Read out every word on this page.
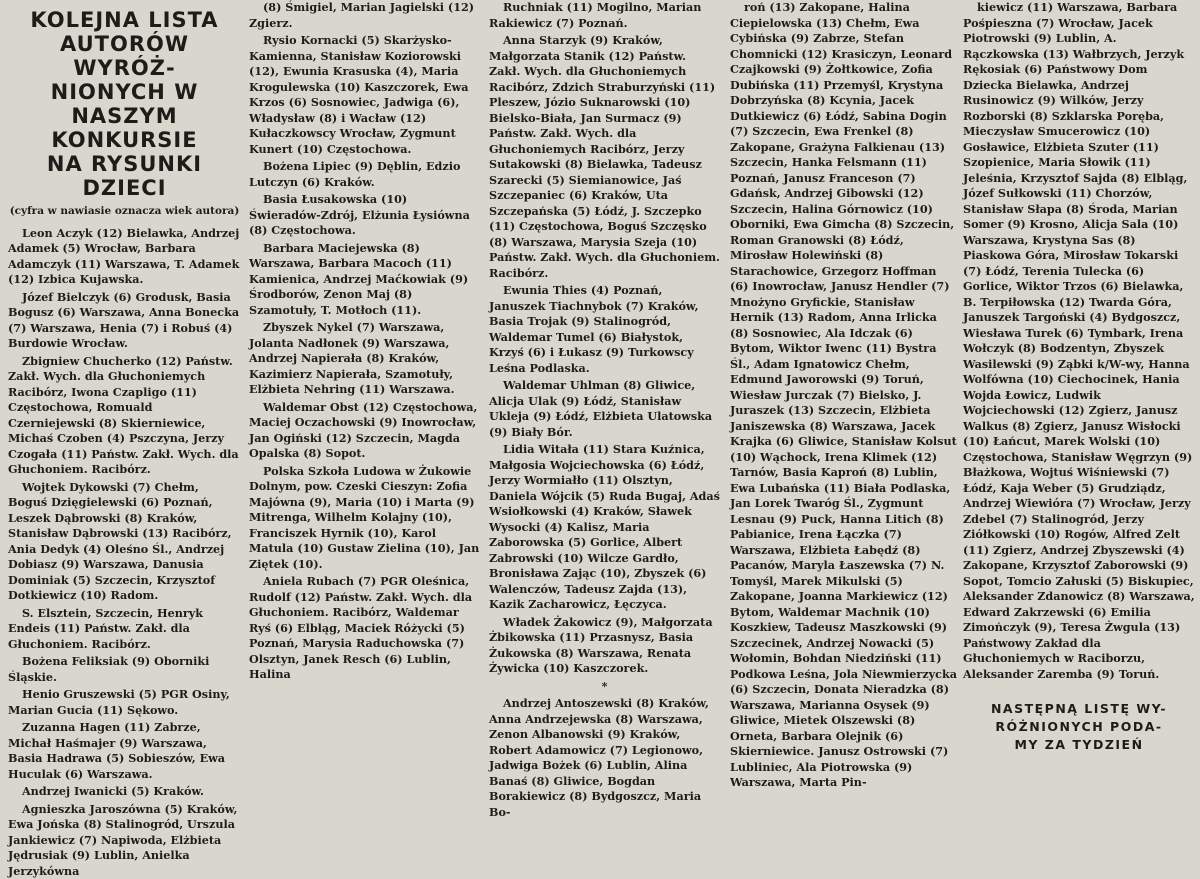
KOLEJNA LISTA AUTORÓW WYRÓŻ-
NIONYCH W NASZYM KONKURSIE
NA RYSUNKI DZIECI
(cyfra w nawiasie oznacza wiek autora)

Leon Aczyk (12) Bielawka, Andrzej Adamek (5) Wrocław, Barbara Adamczyk (11) Warszawa, T. Adamek (12) Izbica Kujawska.

Józef Bielczyk (6) Grodusk, Basia Bogusz (6) Warszawa, Anna Bonecka (7) Warszawa, Henia (7) i Robuś (4) Burdowie Wrocław.

Zbigniew Chucherko (12) Państw. Zakł. Wych. dla Głuchoniemych Racibórz, Iwona Czapligo (11) Częstochowa, Romuald Czerniejewski (8) Skierniewice, Michaś Czoben (4) Pszczyna, Jerzy Czogała (11) Państw. Zakł. Wych. dla Głuchoniem. Racibórz.

Wojtek Dykowski (7) Chełm, Boguś Dzięgielewski (6) Poznań, Leszek Dąbrowski (8) Kraków, Stanisław Dąbrowski (13) Racibórz, Ania Dedyk (4) Oleśno Śl., Andrzej Dobiasz (9) Warszawa, Danusia Dominiak (5) Szczecin, Krzysztof Dotkiewicz (10) Radom.

S. Elsztein, Szczecin, Henryk Endeis (11) Państw. Zakł. dla Głuchoniem. Racibórz.

Bożena Feliksiak (9) Oborniki Śląskie.

Henio Gruszewski (5) PGR Osiny, Marian Gucia (11) Sękowo.

Zuzanna Hagen (11) Zabrze, Michał Haśmajer (9) Warszawa, Basia Hadrawa (5) Sobieszów, Ewa Huculak (6) Warszawa.

Andrzej Iwanicki (5) Kraków.

Agnieszka Jaroszówna (5) Kraków, Ewa Jońska (8) Stalinogród, Urszula Jankiewicz (7) Napiwoda, Elżbieta Jędrusiak (9) Lublin, Anielka Jerzykówna

(8) Śmigiel, Marian Jagielski (12) Zgierz.

Rysio Kornacki (5) Skarżysko-Kamienna, Stanisław Koziorowski (12), Ewunia Krasuska (4), Maria Krogulewska (10) Kaszczorek, Ewa Krzos (6) Sosnowiec, Jadwiga (6), Władysław (8) i Wacław (12) Kułaczkowscy Wrocław, Zygmunt Kunert (10) Częstochowa.

Bożena Lipiec (9) Dęblin, Edzio Lutczyn (6) Kraków.

Basia Łusakowska (10) Świeradów-Zdrój, Elżunia Łysiówna (8) Częstochowa.

Barbara Maciejewska (8) Warszawa, Barbara Macoch (11) Kamienica, Andrzej Maćkowiak (9) Środborów, Zenon Maj (8) Szamotuły, T. Motłoch (11).

Zbyszek Nykel (7) Warszawa, Jolanta Nadłonek (9) Warszawa, Andrzej Napierała (8) Kraków, Kazimierz Napierała, Szamotuły, Elżbieta Nehring (11) Warszawa.

Waldemar Obst (12) Częstochowa, Maciej Oczachowski (9) Inowrocław, Jan Ogiński (12) Szczecin, Magda Opalska (8) Sopot.

Polska Szkoła Ludowa w Żukowie Dolnym, pow. Czeski Cieszyn: Zofia Majówna (9), Maria (10) i Marta (9) Mitrenga, Wilhelm Kolajny (10), Franciszek Hyrnik (10), Karol Matula (10) Gustaw Zielina (10), Jan Ziętek (10).

Aniela Rubach (7) PGR Oleśnica, Rudolf (12) Państw. Zakł. Wych. dla Głuchoniem. Racibórz, Waldemar Ryś (6) Elbląg, Maciek Różycki (5) Poznań, Marysia Raduchowska (7) Olsztyn, Janek Resch (6) Lublin, Halina

Ruchniak (11) Mogilno, Marian Rakiewicz (7) Poznań.

Anna Starzyk (9) Kraków, Małgorzata Stanik (12) Państw. Zakł. Wych. dla Głuchoniemych Racibórz, Zdzich Straburzyński (11) Pleszew, Józio Suknarowski (10) Bielsko-Biała, Jan Surmacz (9) Państw. Zakł. Wych. dla Głuchoniemych Racibórz, Jerzy Sutakowski (8) Bielawka, Tadeusz Szarecki (5) Siemianowice, Jaś Szczepaniec (6) Kraków, Uta Szczepańska (5) Łódź, J. Szczepko (11) Częstochowa, Boguś Szczęsko (8) Warszawa, Marysia Szeja (10) Państw. Zakł. Wych. dla Głuchoniem. Racibórz.

Ewunia Thies (4) Poznań, Januszek Tiachnybok (7) Kraków, Basia Trojak (9) Stalinogród, Waldemar Tumel (6) Białystok, Krzyś (6) i Łukasz (9) Turkowscy Leśna Podlaska.

Waldemar Uhlman (8) Gliwice, Alicja Ulak (9) Łódź, Stanisław Ukleja (9) Łódź, Elżbieta Ulatowska (9) Biały Bór.

Lidia Witała (11) Stara Kuźnica, Małgosia Wojciechowska (6) Łódź, Jerzy Wormiałło (11) Olsztyn, Daniela Wójcik (5) Ruda Bugaj, Adaś Wsiołkowski (4) Kraków, Sławek Wysocki (4) Kalisz, Maria Zaborowska (5) Gorlice, Albert Zabrowski (10) Wilcze Gardło, Bronisława Zając (10), Zbyszek (6) Walenczów, Tadeusz Zajda (13), Kazik Zacharowicz, Łęczyca.

Władek Żakowicz (9), Małgorzata Żbikowska (11) Przasnysz, Basia Żukowska (8) Warszawa, Renata Żywicka (10) Kaszczorek.

*

Andrzej Antoszewski (8) Kraków, Anna Andrzejewska (8) Warszawa, Zenon Albanowski (9) Kraków, Robert Adamowicz (7) Legionowo, Jadwiga Bożek (6) Lublin, Alina Banaś (8) Gliwice, Bogdan Borakiewicz (8) Bydgoszcz, Maria Bo-

roń (13) Zakopane, Halina Ciepielowska (13) Chełm, Ewa Cybińska (9) Zabrze, Stefan Chomnicki (12) Krasiczyn, Leonard Czajkowski (9) Żołtkowice, Zofia Dubińska (11) Przemyśl, Krystyna Dobrzyńska (8) Kcynia, Jacek Dutkiewicz (6) Łódź, Sabina Dogin (7) Szczecin, Ewa Frenkel (8) Zakopane, Grażyna Falkienau (13) Szczecin, Hanka Felsmann (11) Poznań, Janusz Franceson (7) Gdańsk, Andrzej Gibowski (12) Szczecin, Halina Górnowicz (10) Oborniki, Ewa Gimcha (8) Szczecin, Roman Granowski (8) Łódź, Mirosław Holewiński (8) Starachowice, Grzegorz Hoffman (6) Inowrocław, Janusz Hendler (7) Mnożyno Gryfickie, Stanisław Hernik (13) Radom, Anna Irlicka (8) Sosnowiec, Ala Idczak (6) Bytom, Wiktor Iwenc (11) Bystra Śl., Adam Ignatowicz Chełm, Edmund Jaworowski (9) Toruń, Wiesław Jurczak (7) Bielsko, J. Juraszek (13) Szczecin, Elżbieta Janiszewska (8) Warszawa, Jacek Krajka (6) Gliwice, Stanisław Kolsut (10) Wąchock, Irena Klimek (12) Tarnów, Basia Kaproń (8) Lublin, Ewa Lubańska (11) Biała Podlaska, Jan Lorek Twaróg Śl., Zygmunt Lesnau (9) Puck, Hanna Litich (8) Pabianice, Irena Łączka (7) Warszawa, Elżbieta Łabędź (8) Pacanów, Maryla Łaszewska (7) N. Tomyśl, Marek Mikulski (5) Zakopane, Joanna Markiewicz (12) Bytom, Waldemar Machnik (10) Koszkiew, Tadeusz Maszkowski (9) Szczecinek, Andrzej Nowacki (5) Wołomin, Bohdan Niedziński (11) Podkowa Leśna, Jola Niewmierzycka (6) Szczecin, Donata Nieradzka (8) Warszawa, Marianna Osysek (9) Gliwice, Mietek Olszewski (8) Orneta, Barbara Olejnik (6) Skierniewice. Janusz Ostrowski (7) Lubliniec, Ala Piotrowska (9) Warszawa, Marta Pin-

kiewicz (11) Warszawa, Barbara Pośpieszna (7) Wrocław, Jacek Piotrowski (9) Lublin, A. Rączkowska (13) Wałbrzych, Jerzyk Rękosiak (6) Państwowy Dom Dziecka Bielawka, Andrzej Rusinowicz (9) Wilków, Jerzy Rozborski (8) Szklarska Poręba, Mieczysław Smucerowicz (10) Gosławice, Elżbieta Szuter (11) Szopienice, Maria Słowik (11) Jeleśnia, Krzysztof Sajda (8) Elbląg, Józef Sułkowski (11) Chorzów, Stanisław Słapa (8) Środa, Marian Somer (9) Krosno, Alicja Sala (10) Warszawa, Krystyna Sas (8) Piaskowa Góra, Mirosław Tokarski (7) Łódź, Terenia Tulecka (6) Gorlice, Wiktor Trzos (6) Bielawka, B. Terpiłowska (12) Twarda Góra, Januszek Targoński (4) Bydgoszcz, Wiesława Turek (6) Tymbark, Irena Wołczyk (8) Bodzentyn, Zbyszek Wasilewski (9) Ząbki k/W-wy, Hanna Wolfówna (10) Ciechocinek, Hania Wojda Łowicz, Ludwik Wojciechowski (12) Zgierz, Janusz Walkus (8) Zgierz, Janusz Wisłocki (10) Łańcut, Marek Wolski (10) Częstochowa, Stanisław Węgrzyn (9) Błażkowa, Wojtuś Wiśniewski (7) Łódź, Kaja Weber (5) Grudziądz, Andrzej Wiewióra (7) Wrocław, Jerzy Zdebel (7) Stalinogród, Jerzy Ziółkowski (10) Rogów, Alfred Zelt (11) Zgierz, Andrzej Zbyszewski (4) Zakopane, Krzysztof Zaborowski (9) Sopot, Tomcio Załuski (5) Biskupiec, Aleksander Zdanowicz (8) Warszawa, Edward Zakrzewski (6) Emilia Zimończyk (9), Teresa Żwgula (13) Państwowy Zakład dla Głuchoniemych w Raciborzu, Aleksander Zaremba (9) Toruń.

NASTĘPNĄ LISTĘ WY-
RÓŻNIONYCH PODA-
MY ZA TYDZIEŃ
